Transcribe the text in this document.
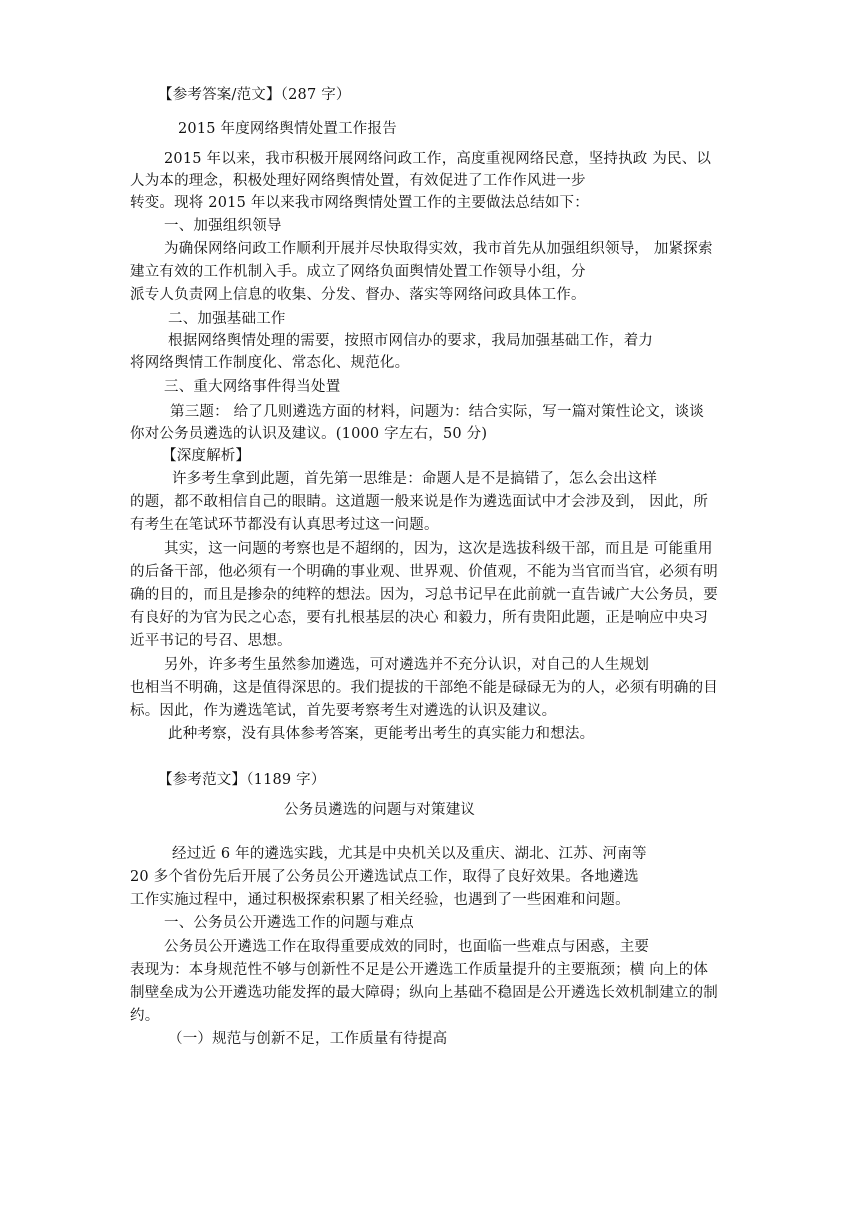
【参考答案/范文】（287 字）
2015 年度网络舆情处置工作报告
2015 年以来，我市积极开展网络问政工作，高度重视网络民意，坚持执政 为民、以
人为本的理念，积极处理好网络舆情处置，有效促进了工作作风进一步
转变。现将 2015 年以来我市网络舆情处置工作的主要做法总结如下：
一、加强组织领导
为确保网络问政工作顺利开展并尽快取得实效，我市首先从加强组织领导， 加紧探索
建立有效的工作机制入手。成立了网络负面舆情处置工作领导小组，分
派专人负责网上信息的收集、分发、督办、落实等网络问政具体工作。
二、加强基础工作
根据网络舆情处理的需要，按照市网信办的要求，我局加强基础工作，着力
将网络舆情工作制度化、常态化、规范化。
三、重大网络事件得当处置
第三题： 给了几则遴选方面的材料，问题为：结合实际，写一篇对策性论文，谈谈
你对公务员遴选的认识及建议。(1000 字左右，50 分)
【深度解析】
许多考生拿到此题，首先第一思维是：命题人是不是搞错了，怎么会出这样
的题，都不敢相信自己的眼睛。这道题一般来说是作为遴选面试中才会涉及到， 因此，所
有考生在笔试环节都没有认真思考过这一问题。
其实，这一问题的考察也是不超纲的，因为，这次是选拔科级干部，而且是 可能重用
的后备干部，他必须有一个明确的事业观、世界观、价值观，不能为当官而当官，必须有明
确的目的，而且是掺杂的纯粹的想法。因为，习总书记早在此前就一直告诫广大公务员，要
有良好的为官为民之心态，要有扎根基层的决心 和毅力，所有贵阳此题，正是响应中央习
近平书记的号召、思想。
另外，许多考生虽然参加遴选，可对遴选并不充分认识，对自己的人生规划
也相当不明确，这是值得深思的。我们提拔的干部绝不能是碌碌无为的人，必须有明确的目
标。因此，作为遴选笔试，首先要考察考生对遴选的认识及建议。
此种考察，没有具体参考答案，更能考出考生的真实能力和想法。
【参考范文】（1189 字）
公务员遴选的问题与对策建议
经过近 6 年的遴选实践，尤其是中央机关以及重庆、湖北、江苏、河南等
20 多个省份先后开展了公务员公开遴选试点工作，取得了良好效果。各地遴选
工作实施过程中，通过积极探索积累了相关经验，也遇到了一些困难和问题。
一、公务员公开遴选工作的问题与难点
公务员公开遴选工作在取得重要成效的同时，也面临一些难点与困惑，主要
表现为：本身规范性不够与创新性不足是公开遴选工作质量提升的主要瓶颈；横 向上的体
制壁垒成为公开遴选功能发挥的最大障碍；纵向上基础不稳固是公开遴选长效机制建立的制
约。
（一）规范与创新不足，工作质量有待提高
